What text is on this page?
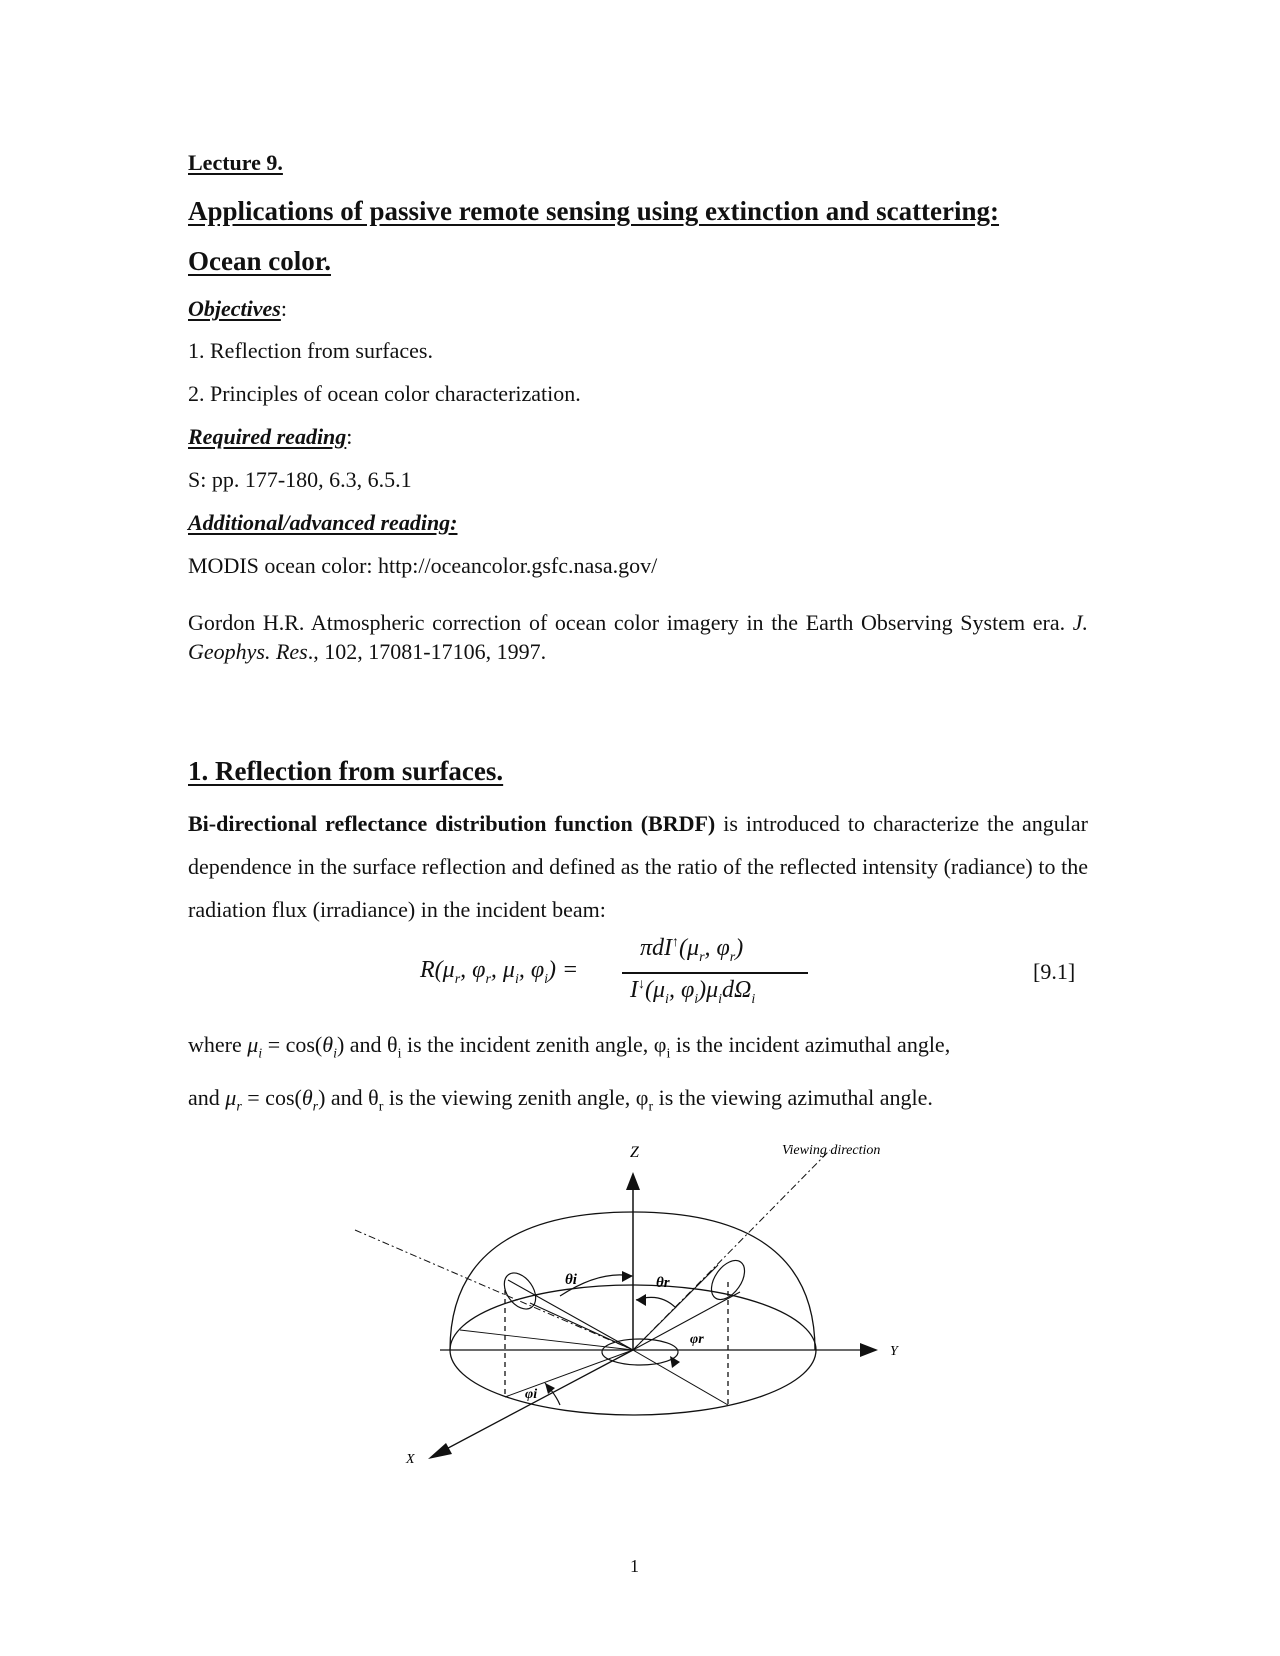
Lecture 9.

Applications of passive remote sensing using extinction and scattering:

Ocean color.

Objectives:

1. Reflection from surfaces.

2. Principles of ocean color characterization.

Required reading:

S: pp. 177-180, 6.3, 6.5.1

Additional/advanced reading:

MODIS ocean color: http://oceancolor.gsfc.nasa.gov/

Gordon H.R. Atmospheric correction of ocean color imagery in the Earth Observing System era. J. Geophys. Res., 102, 17081-17106, 1997.

1. Reflection from surfaces.

Bi-directional reflectance distribution function (BRDF) is introduced to characterize the angular dependence in the surface reflection and defined as the ratio of the reflected intensity (radiance) to the radiation flux (irradiance) in the incident beam:

$R(\mu_r$, $\varphi_r$, $\mu_i$, $\varphi_i$) =
$\pi dI^↑(\mu_r$, $\varphi_r$)
$I^↓(\mu_i$, $\varphi_i)\mu_id\Omega_i$
[9.1]

where $\mu_i = \cos(\theta_i)$ and $\theta_i$ is the incident zenith angle, $\varphi_i$ is the incident azimuthal angle,

and $\mu_r = \cos(\theta_r)$ and $\theta_r$ is the viewing zenith angle, $\varphi_r$ is the viewing azimuthal angle.

Z
Y
X
Viewing direction
θi	θr
φr
φi
1
